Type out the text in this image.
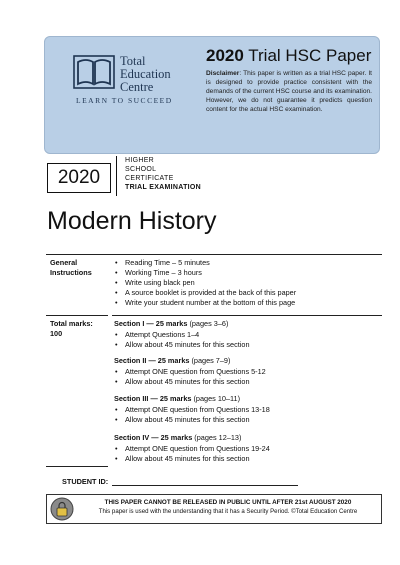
Total
Education
Centre
LEARN TO SUCCEED
2020 Trial HSC Paper
Disclaimer: This paper is written as a trial HSC paper. It is designed to provide practice consistent with the demands of the current HSC course and its examination. However, we do not guarantee it predicts question content for the actual HSC examination.
2020
HIGHER
SCHOOL
CERTIFICATE
TRIAL EXAMINATION
Modern History
General
Instructions
• Reading Time – 5 minutes
• Working Time – 3 hours
• Write using black pen
• A source booklet is provided at the back of this paper
• Write your student number at the bottom of this page
Total marks:
100
Section I — 25 marks (pages 3–6)
• Attempt Questions 1–4
• Allow about 45 minutes for this section
Section II — 25 marks (pages 7–9)
• Attempt ONE question from Questions 5-12
• Allow about 45 minutes for this section
Section III — 25 marks (pages 10–11)
• Attempt ONE question from Questions 13-18
• Allow about 45 minutes for this section
Section IV — 25 marks (pages 12–13)
• Attempt ONE question from Questions 19-24
• Allow about 45 minutes for this section
STUDENT ID:
THIS PAPER CANNOT BE RELEASED IN PUBLIC UNTIL AFTER 21st AUGUST 2020
This paper is used with the understanding that it has a Security Period. ©Total Education Centre
